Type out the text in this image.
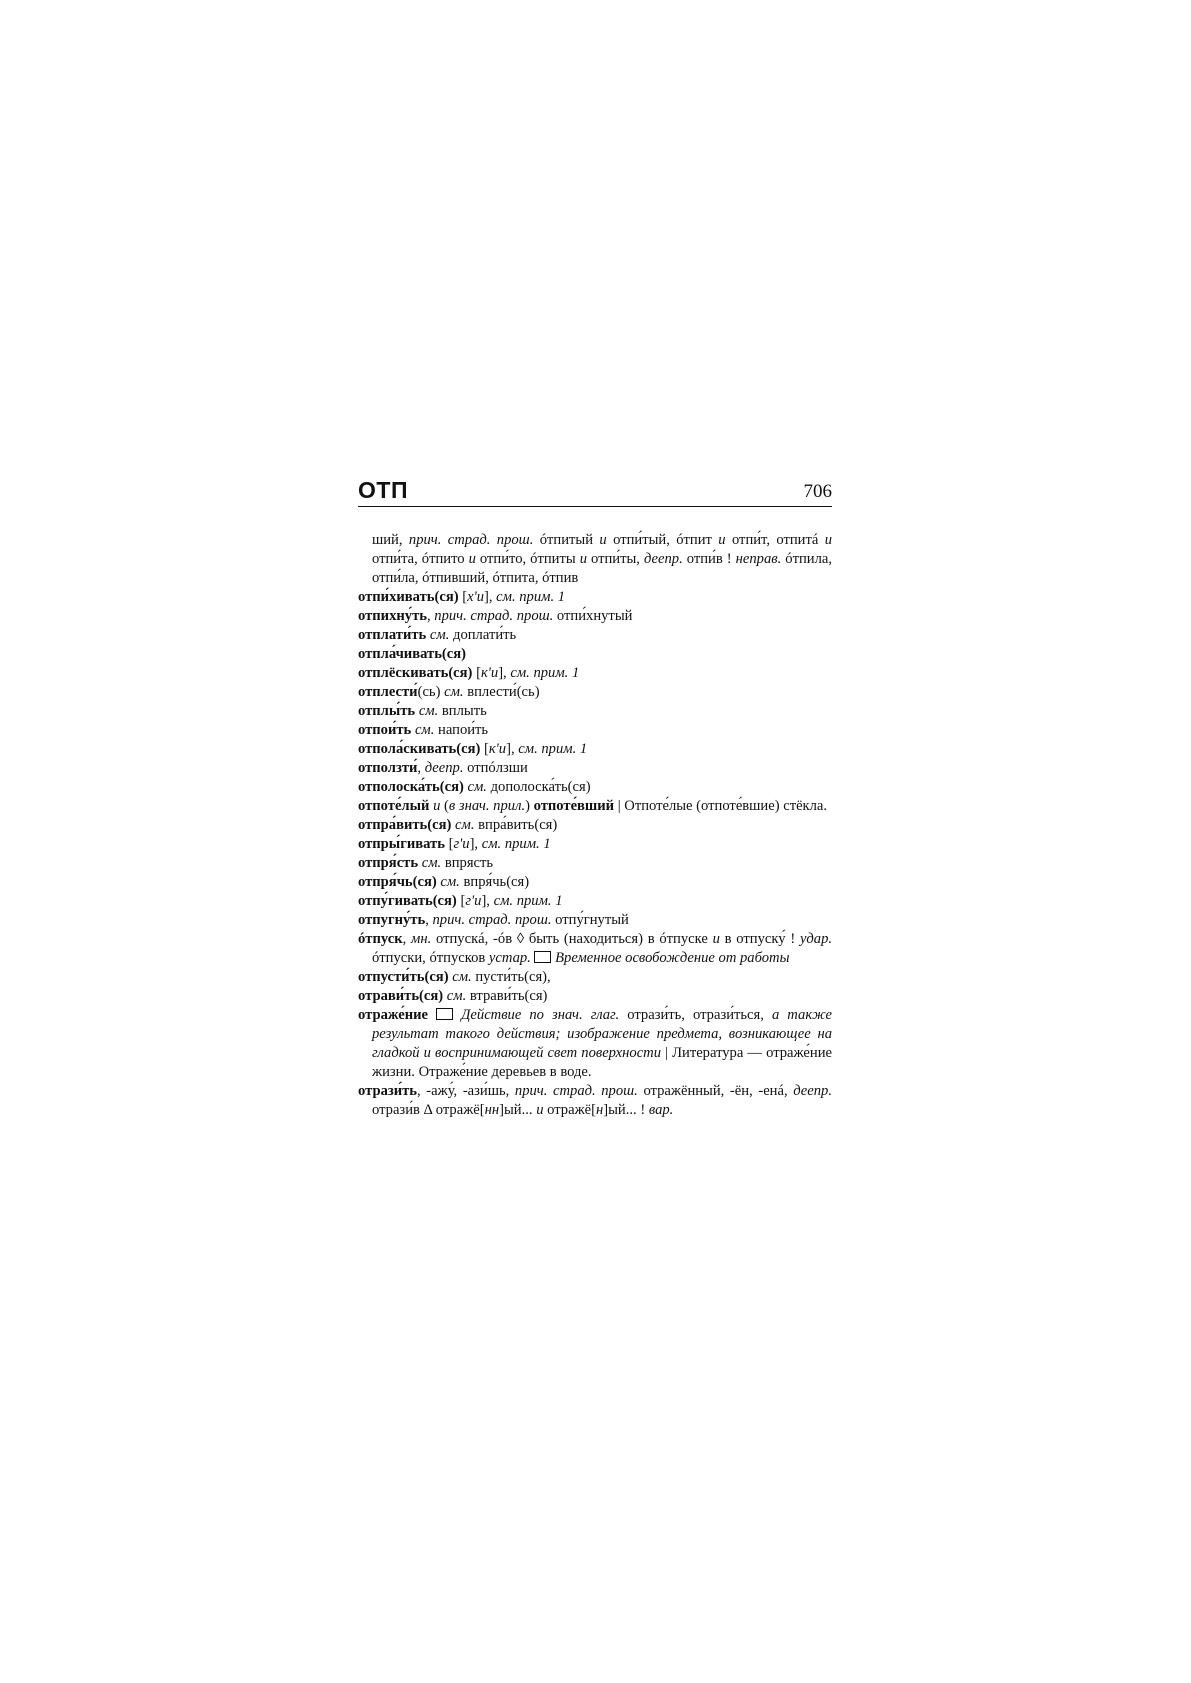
ОТП	706
ший, прич. страд. прош. óтпитый и отпи́тый, óтпит и отпи́т, отпитá и отпи́та, óтпито и отпи́то, óтпиты и отпи́ты, деепр. отпи́в ! неправ. óтпила, отпи́ла, óтпивший, óтпита, óтпив
отпи́хивать(ся) [х'и], см. прим. 1
отпихну́ть, прич. страд. прош. отпи́хнутый
отплати́ть см. доплати́ть
отпла́чивать(ся)
отплёскивать(ся) [к'и], см. прим. 1
отплести́(сь) см. вплести́(сь)
отплы́ть см. вплыть
отпои́ть см. напои́ть
отпола́скивать(ся) [к'и], см. прим. 1
отползти́, деепр. отпóлзши
отполоска́ть(ся) см. дополоска́ть(ся)
отпоте́лый и (в знач. прил.) отпоте́вший | Отпоте́лые (отпоте́вшие) стёкла.
отпра́вить(ся) см. впра́вить(ся)
отпры́гивать [г'и], см. прим. 1
отпря́сть см. впрясть
отпря́чь(ся) см. впря́чь(ся)
отпу́гивать(ся) [г'и], см. прим. 1
отпугну́ть, прич. страд. прош. отпу́гнутый
óтпуск, мн. отпускá, -óв ◊ быть (находиться) в óтпуске и в отпуску́ ! удар. óтпуски, óтпусков устар.  Временное освобождение от работы
отпусти́ть(ся) см. пусти́ть(ся),
отрави́ть(ся) см. втрави́ть(ся)
отраже́ние  Действие по знач. глаг. отрази́ть, отрази́ться, а также результат такого действия; изображение предмета, возникающее на гладкой и воспринимающей свет поверхности | Литература — отраже́ние жизни. Отраже́ние деревьев в воде.
отрази́ть, -ажу́, -ази́шь, прич. страд. прош. отражённый, -ён, -енá, деепр. отрази́в Δ отражё[нн]ый... и отражё[н]ый... ! вар.
